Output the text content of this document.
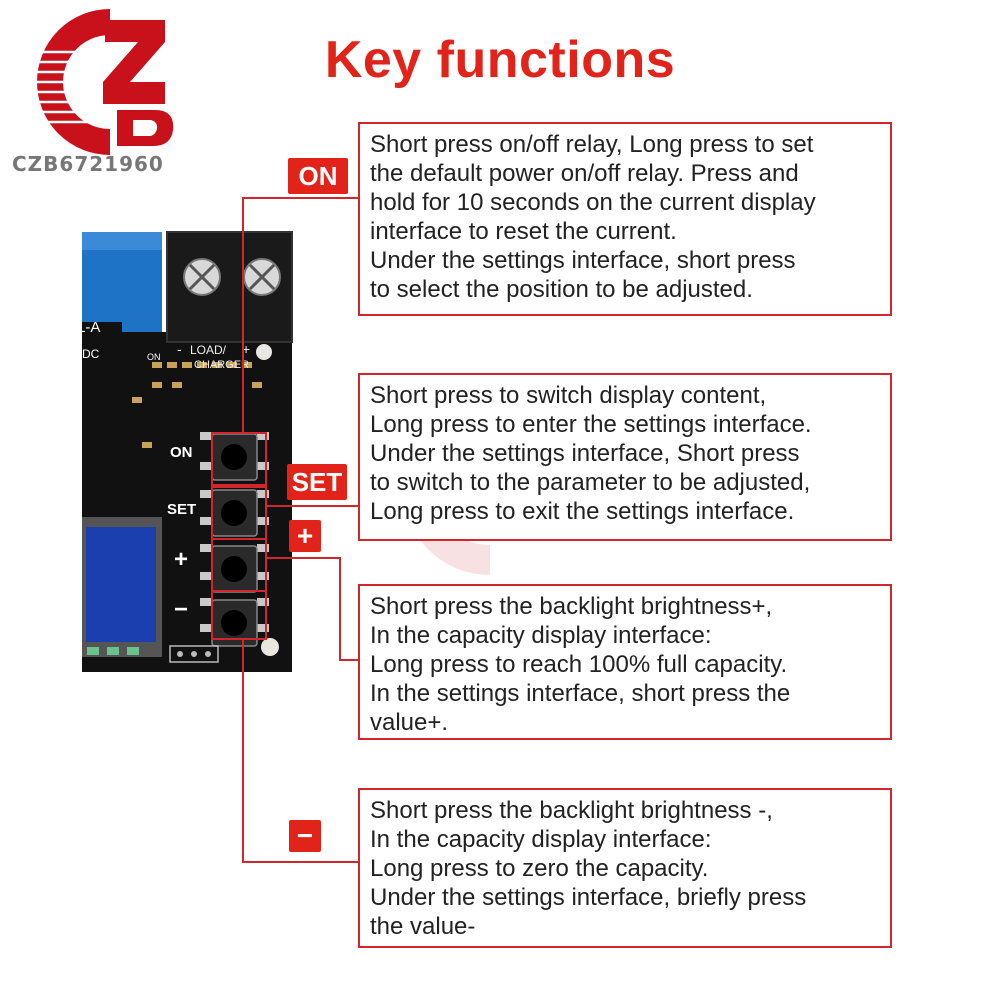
Key functions
CZB6721960
LOAD/ +
-
CHARGER
ON
SET
+
−
L-A
DC	ON
ON
SET
+
−
Short press on/off relay, Long press to set
the default power on/off relay. Press and
hold for 10 seconds on the current display
interface to reset the current.
Under the settings interface, short press
to select the position to be adjusted.
Short press to switch display content,
Long press to enter the settings interface.
Under the settings interface, Short press
to switch to the parameter to be adjusted,
Long press to exit the settings interface.
Short press the backlight brightness+,
In the capacity display interface:
Long press to reach 100% full capacity.
In the settings interface, short press the
value+.
Short press the backlight brightness -,
In the capacity display interface:
Long press to zero the capacity.
Under the settings interface, briefly press
the value-
